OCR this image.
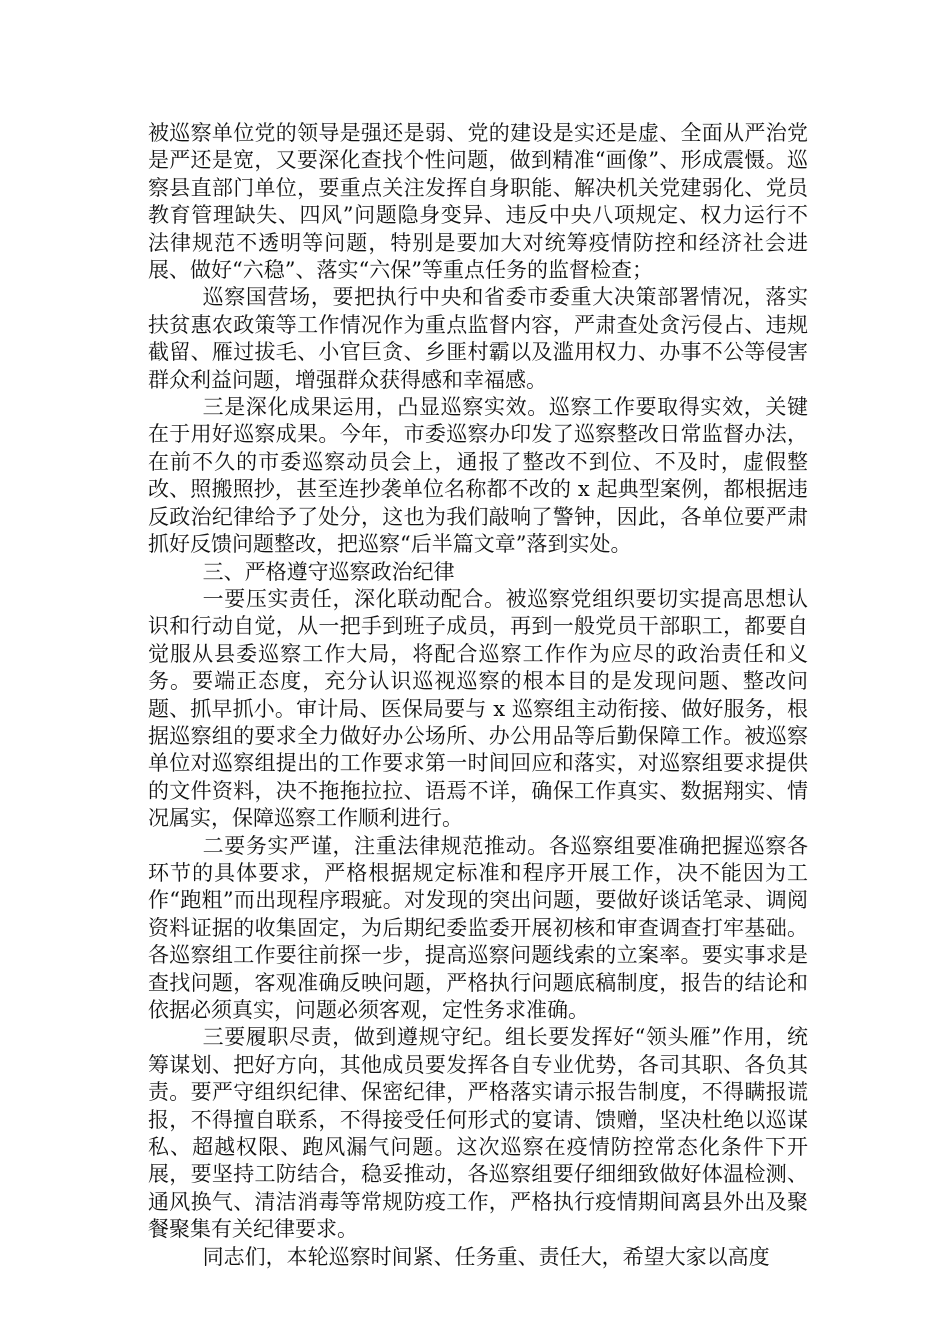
被巡察单位党的领导是强还是弱、党的建设是实还是虚、全面从严治党是严还是宽，又要深化查找个性问题，做到精准“画像”、形成震慑。巡察县直部门单位，要重点关注发挥自身职能、解决机关党建弱化、党员教育管理缺失、四风”问题隐身变异、违反中央八项规定、权力运行不法律规范不透明等问题，特别是要加大对统筹疫情防控和经济社会进展、做好“六稳”、落实“六保”等重点任务的监督检查；

巡察国营场，要把执行中央和省委市委重大决策部署情况，落实扶贫惠农政策等工作情况作为重点监督内容，严肃查处贪污侵占、违规截留、雁过拔毛、小官巨贪、乡匪村霸以及滥用权力、办事不公等侵害群众利益问题，增强群众获得感和幸福感。

三是深化成果运用，凸显巡察实效。巡察工作要取得实效，关键在于用好巡察成果。今年，市委巡察办印发了巡察整改日常监督办法，在前不久的市委巡察动员会上，通报了整改不到位、不及时，虚假整改、照搬照抄，甚至连抄袭单位名称都不改的 x 起典型案例，都根据违反政治纪律给予了处分，这也为我们敲响了警钟，因此，各单位要严肃抓好反馈问题整改，把巡察“后半篇文章”落到实处。

三、严格遵守巡察政治纪律

一要压实责任，深化联动配合。被巡察党组织要切实提高思想认识和行动自觉，从一把手到班子成员，再到一般党员干部职工，都要自觉服从县委巡察工作大局，将配合巡察工作作为应尽的政治责任和义务。要端正态度，充分认识巡视巡察的根本目的是发现问题、整改问题、抓早抓小。审计局、医保局要与 x 巡察组主动衔接、做好服务，根据巡察组的要求全力做好办公场所、办公用品等后勤保障工作。被巡察单位对巡察组提出的工作要求第一时间回应和落实，对巡察组要求提供的文件资料，决不拖拖拉拉、语焉不详，确保工作真实、数据翔实、情况属实，保障巡察工作顺利进行。

二要务实严谨，注重法律规范推动。各巡察组要准确把握巡察各环节的具体要求，严格根据规定标准和程序开展工作，决不能因为工作“跑粗”而出现程序瑕疵。对发现的突出问题，要做好谈话笔录、调阅资料证据的收集固定，为后期纪委监委开展初核和审查调查打牢基础。各巡察组工作要往前探一步，提高巡察问题线索的立案率。要实事求是查找问题，客观准确反映问题，严格执行问题底稿制度，报告的结论和依据必须真实，问题必须客观，定性务求准确。

三要履职尽责，做到遵规守纪。组长要发挥好“领头雁”作用，统筹谋划、把好方向，其他成员要发挥各自专业优势，各司其职、各负其责。要严守组织纪律、保密纪律，严格落实请示报告制度，不得瞒报谎报，不得擅自联系，不得接受任何形式的宴请、馈赠，坚决杜绝以巡谋私、超越权限、跑风漏气问题。这次巡察在疫情防控常态化条件下开展，要坚持工防结合，稳妥推动，各巡察组要仔细细致做好体温检测、通风换气、清洁消毒等常规防疫工作，严格执行疫情期间离县外出及聚餐聚集有关纪律要求。

同志们，本轮巡察时间紧、任务重、责任大，希望大家以高度
